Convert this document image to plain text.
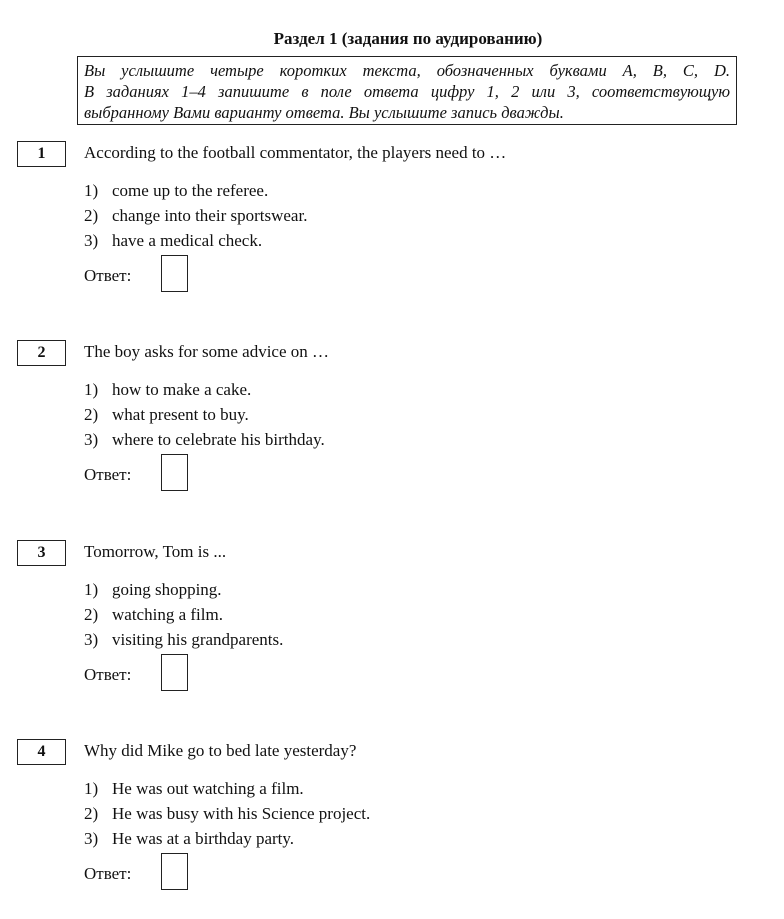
Раздел 1 (задания по аудированию)
Вы услышите четыре коротких текста, обозначенных буквами A, B, C, D.
В заданиях 1–4 запишите в поле ответа цифру 1, 2 или 3, соответствующую
выбранному Вами варианту ответа. Вы услышите запись дважды.
1	According to the football commentator, the players need to …
1) come up to the referee.
2) change into their sportswear.
3) have a medical check.
Ответ:
2	The boy asks for some advice on …
1) how to make a cake.
2) what present to buy.
3) where to celebrate his birthday.
Ответ:
3	Tomorrow, Tom is ...
1) going shopping.
2) watching a film.
3) visiting his grandparents.
Ответ:
4	Why did Mike go to bed late yesterday?
1) He was out watching a film.
2) He was busy with his Science project.
3) He was at a birthday party.
Ответ:
